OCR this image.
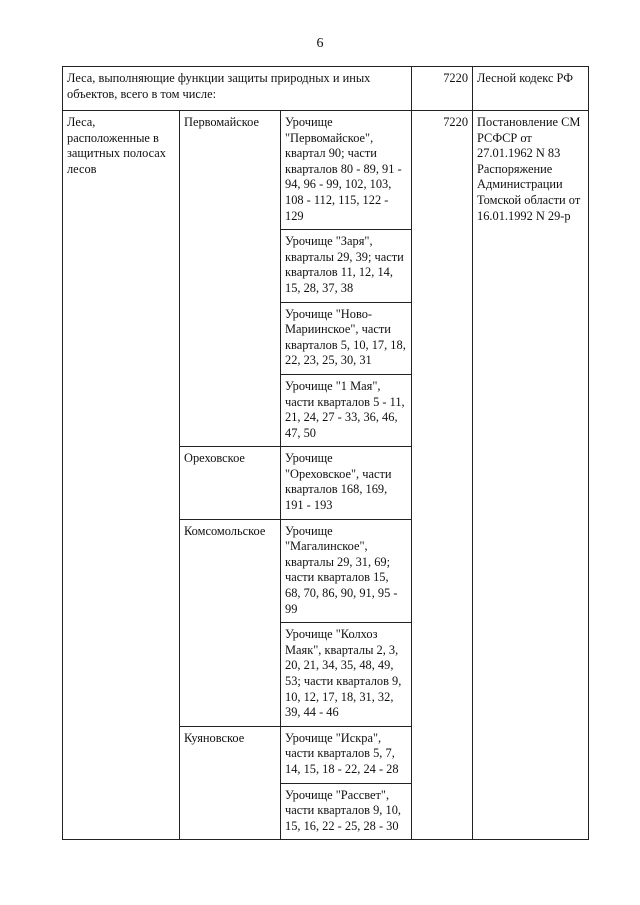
6
Леса, выполняющие функции защиты природных и иных объектов, всего в том числе:			7220	Лесной кодекс РФ
Леса, расположенные в защитных полосах лесов	Первомайское	Урочище "Первомайское", квартал 90; части кварталов 80 - 89, 91 - 94, 96 - 99, 102, 103, 108 - 112, 115, 122 - 129	7220	Постановление СМ РСФСР от 27.01.1962 N 83 Распоряжение Администрации Томской области от 16.01.1992 N 29-р
		Урочище "Заря", кварталы 29, 39; части кварталов 11, 12, 14, 15, 28, 37, 38		
		Урочище "Ново-Мариинское", части кварталов 5, 10, 17, 18, 22, 23, 25, 30, 31		
		Урочище "1 Мая", части кварталов 5 - 11, 21, 24, 27 - 33, 36, 46, 47, 50		
	Ореховское	Урочище "Ореховское", части кварталов 168, 169, 191 - 193		
	Комсомольское	Урочище "Магалинское", кварталы 29, 31, 69; части кварталов 15, 68, 70, 86, 90, 91, 95 - 99		
		Урочище "Колхоз Маяк", кварталы 2, 3, 20, 21, 34, 35, 48, 49, 53; части кварталов 9, 10, 12, 17, 18, 31, 32, 39, 44 - 46		
	Куяновское	Урочище "Искра", части кварталов 5, 7, 14, 15, 18 - 22, 24 - 28		
		Урочище "Рассвет", части кварталов 9, 10, 15, 16, 22 - 25, 28 - 30		
